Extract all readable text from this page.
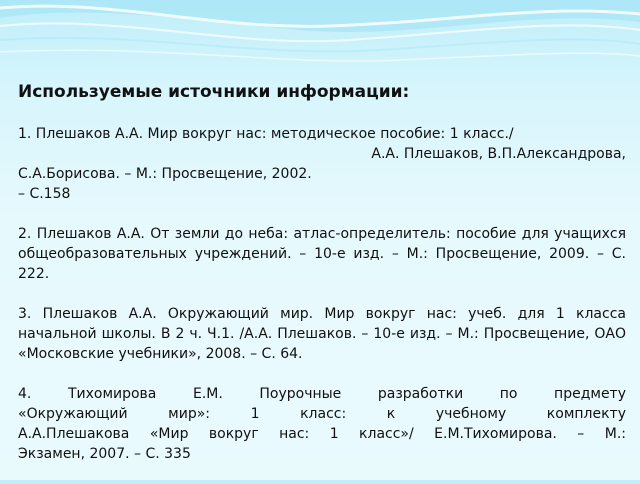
Используемые источники информации:
1. Плешаков А.А. Мир вокруг нас: методическое пособие: 1 класс./
А.А. Плешаков, В.П.Александрова,
С.А.Борисова. – М.: Просвещение, 2002.
– С.158

2. Плешаков А.А. От земли до неба: атлас-определитель: пособие для учащихся общеобразовательных учреждений. – 10-е изд. – М.: Просвещение, 2009. – С. 222.

3. Плешаков А.А. Окружающий мир. Мир вокруг нас: учеб. для 1 класса начальной школы. В 2 ч. Ч.1. /А.А. Плешаков. – 10-е изд. – М.: Просвещение, ОАО «Московские учебники», 2008. – С. 64.

4. Тихомирова Е.М. Поурочные разработки по предмету
«Окружающий мир»: 1 класс: к учебному комплекту
А.А.Плешакова «Мир вокруг нас: 1 класс»/ Е.М.Тихомирова. – М.:
Экзамен, 2007. – С. 335
